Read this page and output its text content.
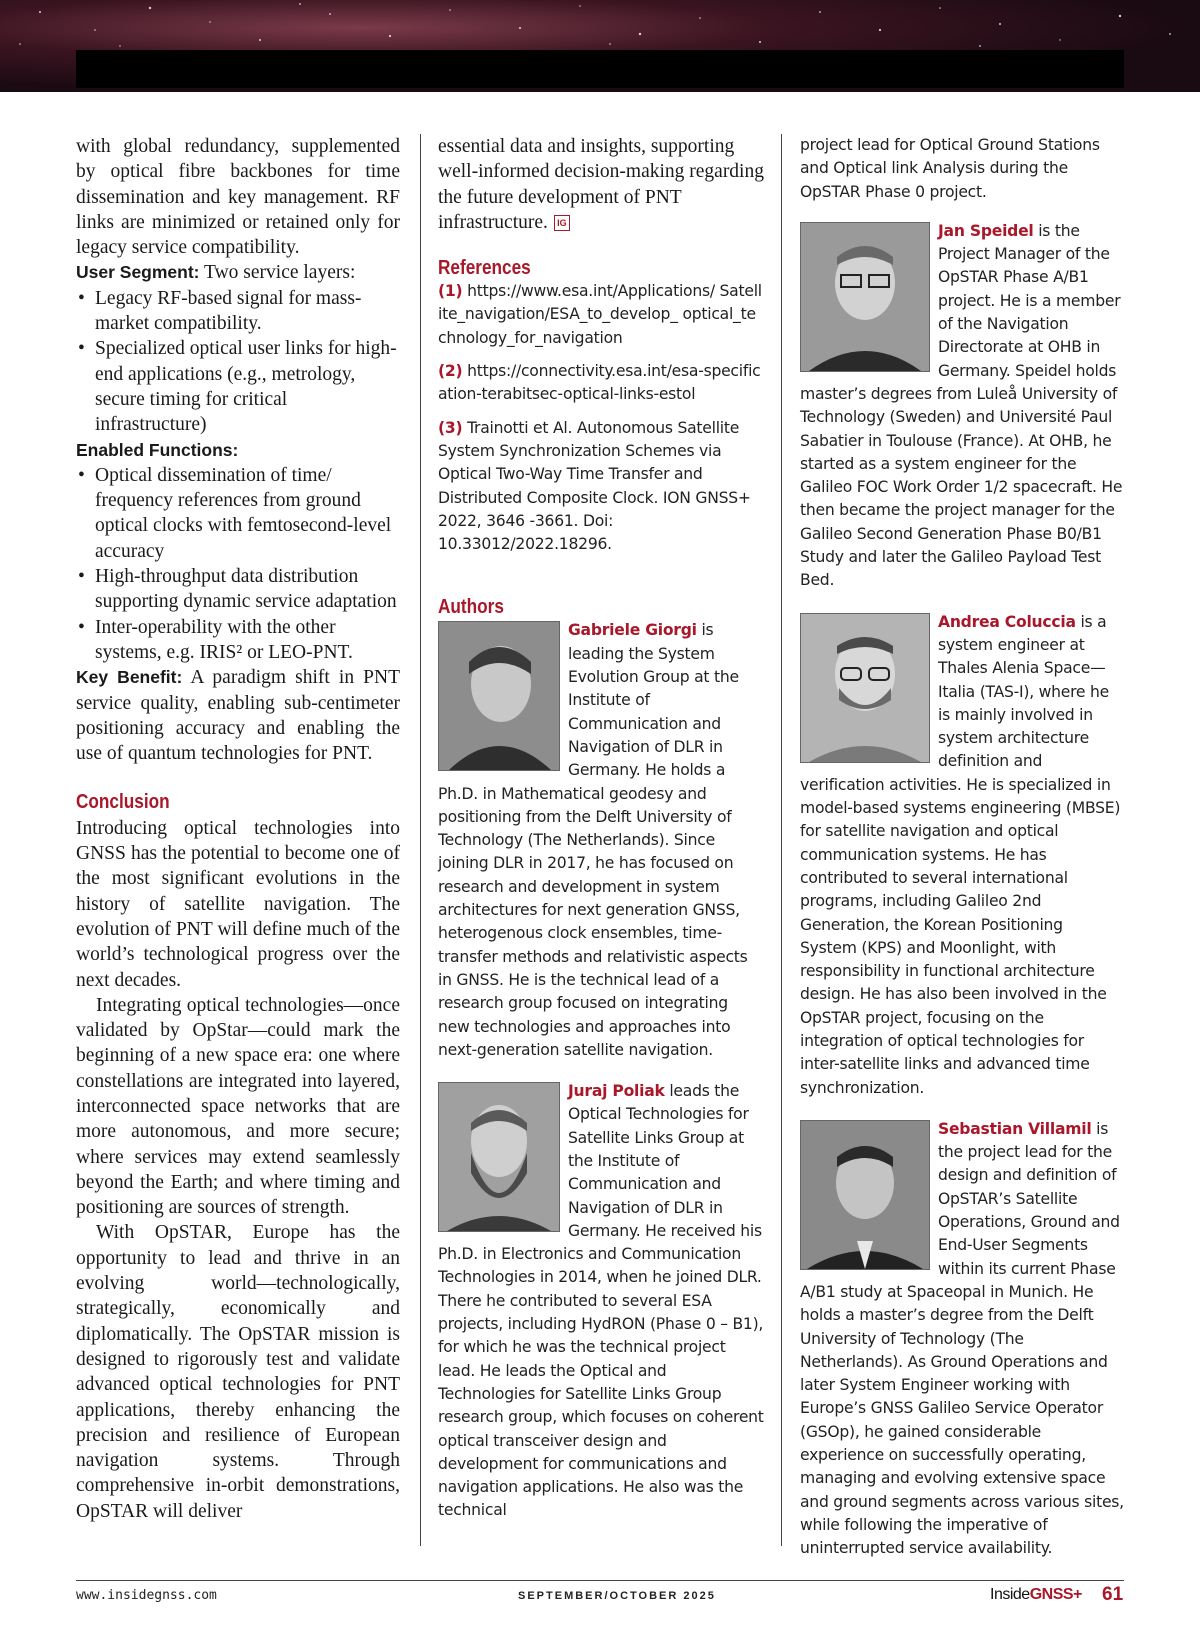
with global redundancy, supplemented by optical fibre backbones for time dissemination and key management. RF links are minimized or retained only for legacy service compatibility.

User Segment: Two service layers:

• Legacy RF-based signal for mass-market compatibility.
• Specialized optical user links for high-end applications (e.g., metrology, secure timing for critical infrastructure)

Enabled Functions:

• Optical dissemination of time/ frequency references from ground optical clocks with femtosecond-level accuracy
• High-throughput data distribution supporting dynamic service adaptation
• Inter-operability with the other systems, e.g. IRIS² or LEO-PNT.

Key Benefit: A paradigm shift in PNT service quality, enabling sub-centimeter positioning accuracy and enabling the use of quantum technologies for PNT.

Conclusion

Introducing optical technologies into GNSS has the potential to become one of the most significant evolutions in the history of satellite navigation. The evolution of PNT will define much of the world’s technological progress over the next decades.

Integrating optical technologies—once validated by OpStar—could mark the beginning of a new space era: one where constellations are integrated into layered, interconnected space networks that are more autonomous, and more secure; where services may extend seamlessly beyond the Earth; and where timing and positioning are sources of strength.

With OpSTAR, Europe has the opportunity to lead and thrive in an evolving world—technologically, strategically, economically and diplomatically. The OpSTAR mission is designed to rigorously test and validate advanced optical technologies for PNT applications, thereby enhancing the precision and resilience of European navigation systems. Through comprehensive in-orbit demonstrations, OpSTAR will deliver

essential data and insights, supporting well-informed decision-making regarding the future development of PNT infrastructure. IG

References

(1) https://www.esa.int/Applications/ Satellite_navigation/ESA_to_develop_ optical_technology_for_navigation

(2) https://connectivity.esa.int/esa-specification-terabitsec-optical-links-estol

(3) Trainotti et Al. Autonomous Satellite System Synchronization Schemes via Optical Two-Way Time Transfer and Distributed Composite Clock. ION GNSS+ 2022, 3646 -3661. Doi: 10.33012/2022.18296.

Authors

Gabriele Giorgi is leading the System Evolution Group at the Institute of Communication and Navigation of DLR in Germany. He holds a Ph.D. in Mathematical geodesy and positioning from the Delft University of Technology (The Netherlands). Since joining DLR in 2017, he has focused on research and development in system architectures for next generation GNSS, heterogenous clock ensembles, time-transfer methods and relativistic aspects in GNSS. He is the technical lead of a research group focused on integrating new technologies and approaches into next-generation satellite navigation.
Juraj Poliak leads the Optical Technologies for Satellite Links Group at the Institute of Communication and Navigation of DLR in Germany. He received his Ph.D. in Electronics and Communication Technologies in 2014, when he joined DLR. There he contributed to several ESA projects, including HydRON (Phase 0 – B1), for which he was the technical project lead. He leads the Optical and Technologies for Satellite Links Group research group, which focuses on coherent optical transceiver design and development for communications and navigation applications. He also was the technical

project lead for Optical Ground Stations and Optical link Analysis during the OpSTAR Phase 0 project.

Jan Speidel is the Project Manager of the OpSTAR Phase A/B1 project. He is a member of the Navigation Directorate at OHB in Germany. Speidel holds master’s degrees from Luleå University of Technology (Sweden) and Université Paul Sabatier in Toulouse (France). At OHB, he started as a system engineer for the Galileo FOC Work Order 1/2 spacecraft. He then became the project manager for the Galileo Second Generation Phase B0/B1 Study and later the Galileo Payload Test Bed.
Andrea Coluccia is a system engineer at Thales Alenia Space—Italia (TAS-I), where he is mainly involved in system architecture definition and verification activities. He is specialized in model-based systems engineering (MBSE) for satellite navigation and optical communication systems. He has contributed to several international programs, including Galileo 2nd Generation, the Korean Positioning System (KPS) and Moonlight, with responsibility in functional architecture design. He has also been involved in the OpSTAR project, focusing on the integration of optical technologies for inter-satellite links and advanced time synchronization.
Sebastian Villamil is the project lead for the design and definition of OpSTAR’s Satellite Operations, Ground and End-User Segments within its current Phase A/B1 study at Spaceopal in Munich. He holds a master’s degree from the Delft University of Technology (The Netherlands). As Ground Operations and later System Engineer working with Europe’s GNSS Galileo Service Operator (GSOp), he gained considerable experience on successfully operating, managing and evolving extensive space and ground segments across various sites, while following the imperative of uninterrupted service availability.
www.insidegnss.com	SEPTEMBER/OCTOBER 2025	InsideGNSS+ 61
